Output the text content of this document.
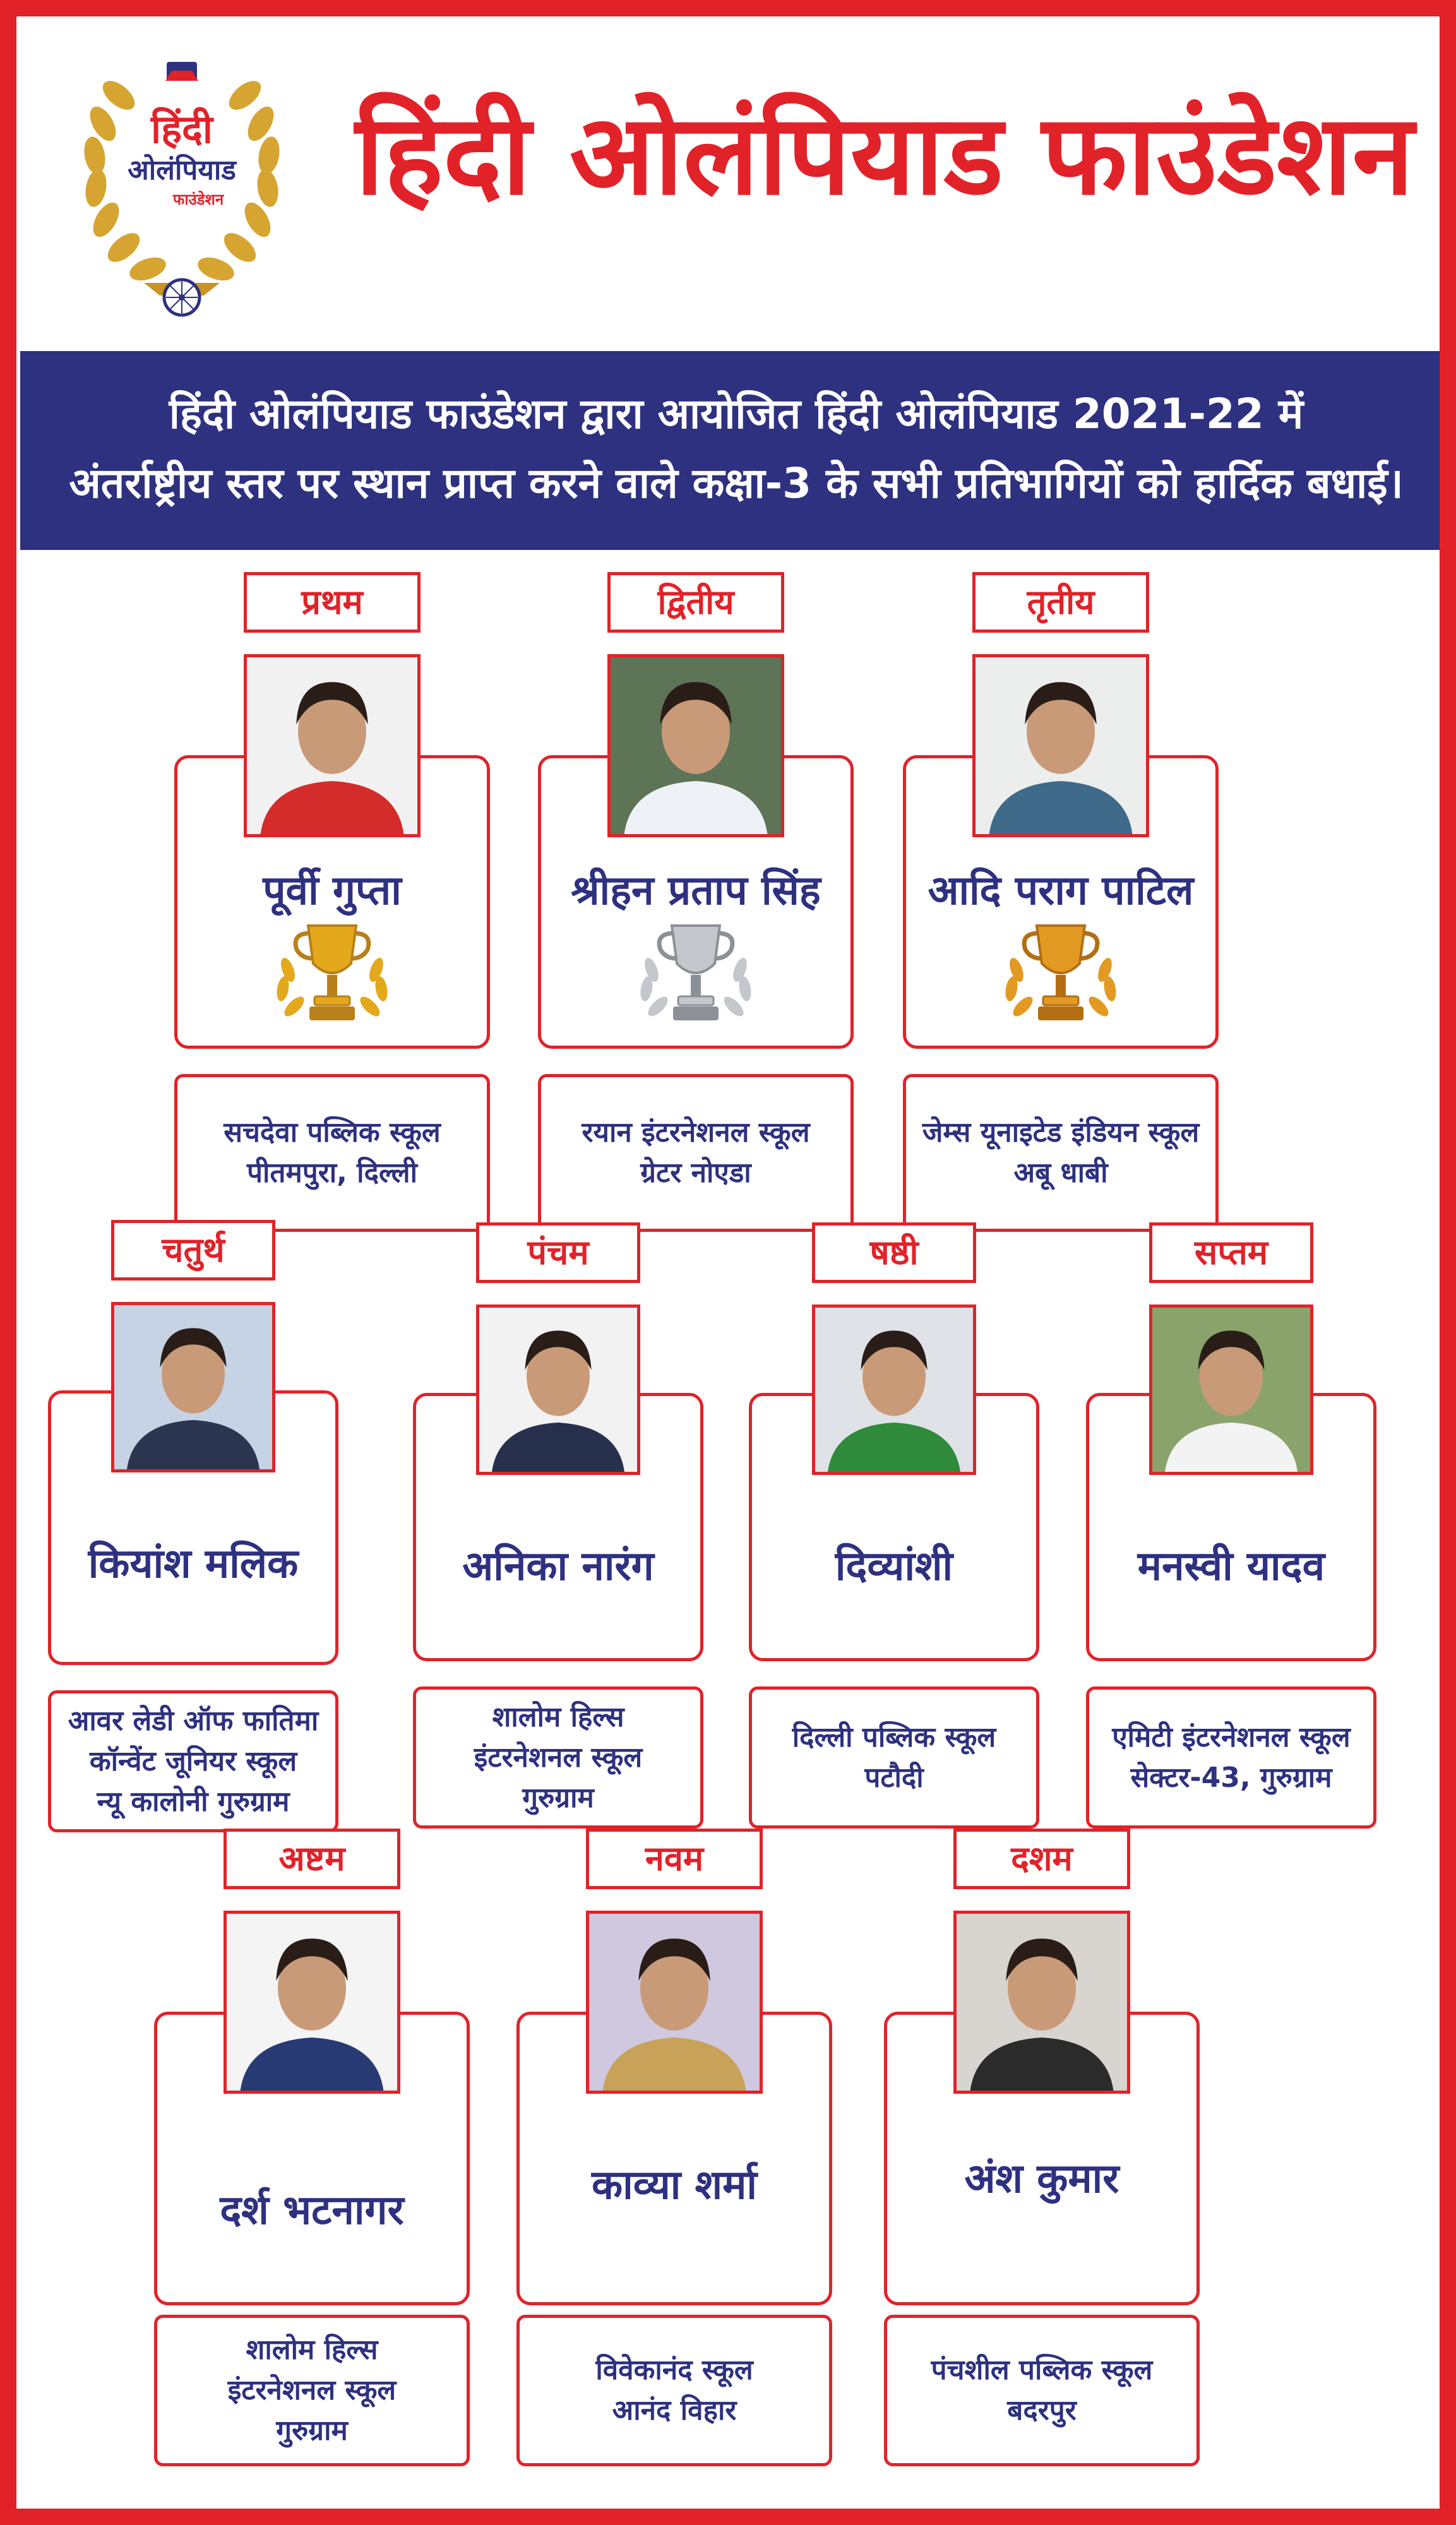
हिंदी
ओलंपियाड
फाउंडेशन	हिंदी ओलंपियाड फाउंडेशन
हिंदी ओलंपियाड फाउंडेशन द्वारा आयोजित हिंदी ओलंपियाड 2021-22 में
अंतर्राष्ट्रीय स्तर पर स्थान प्राप्त करने वाले कक्षा-3 के सभी प्रतिभागियों को हार्दिक बधाई।
प्रथम
पूर्वी गुप्ता
सचदेवा पब्लिक स्कूल
पीतमपुरा, दिल्ली
द्वितीय
श्रीहन प्रताप सिंह
रयान इंटरनेशनल स्कूल
ग्रेटर नोएडा
तृतीय
आदि पराग पाटिल
जेम्स यूनाइटेड इंडियन स्कूल
अबू धाबी
चतुर्थ
कियांश मलिक
आवर लेडी ऑफ फातिमा
कॉन्वेंट जूनियर स्कूल
न्यू कालोनी गुरुग्राम
पंचम
अनिका नारंग
शालोम हिल्स
इंटरनेशनल स्कूल
गुरुग्राम
षष्ठी
दिव्यांशी
दिल्ली पब्लिक स्कूल
पटौदी
सप्तम
मनस्वी यादव
एमिटी इंटरनेशनल स्कूल
सेक्टर-43, गुरुग्राम
अष्टम
दर्श भटनागर
शालोम हिल्स
इंटरनेशनल स्कूल
गुरुग्राम
नवम
काव्या शर्मा
विवेकानंद स्कूल
आनंद विहार
दशम
अंश कुमार
पंचशील पब्लिक स्कूल
बदरपुर
